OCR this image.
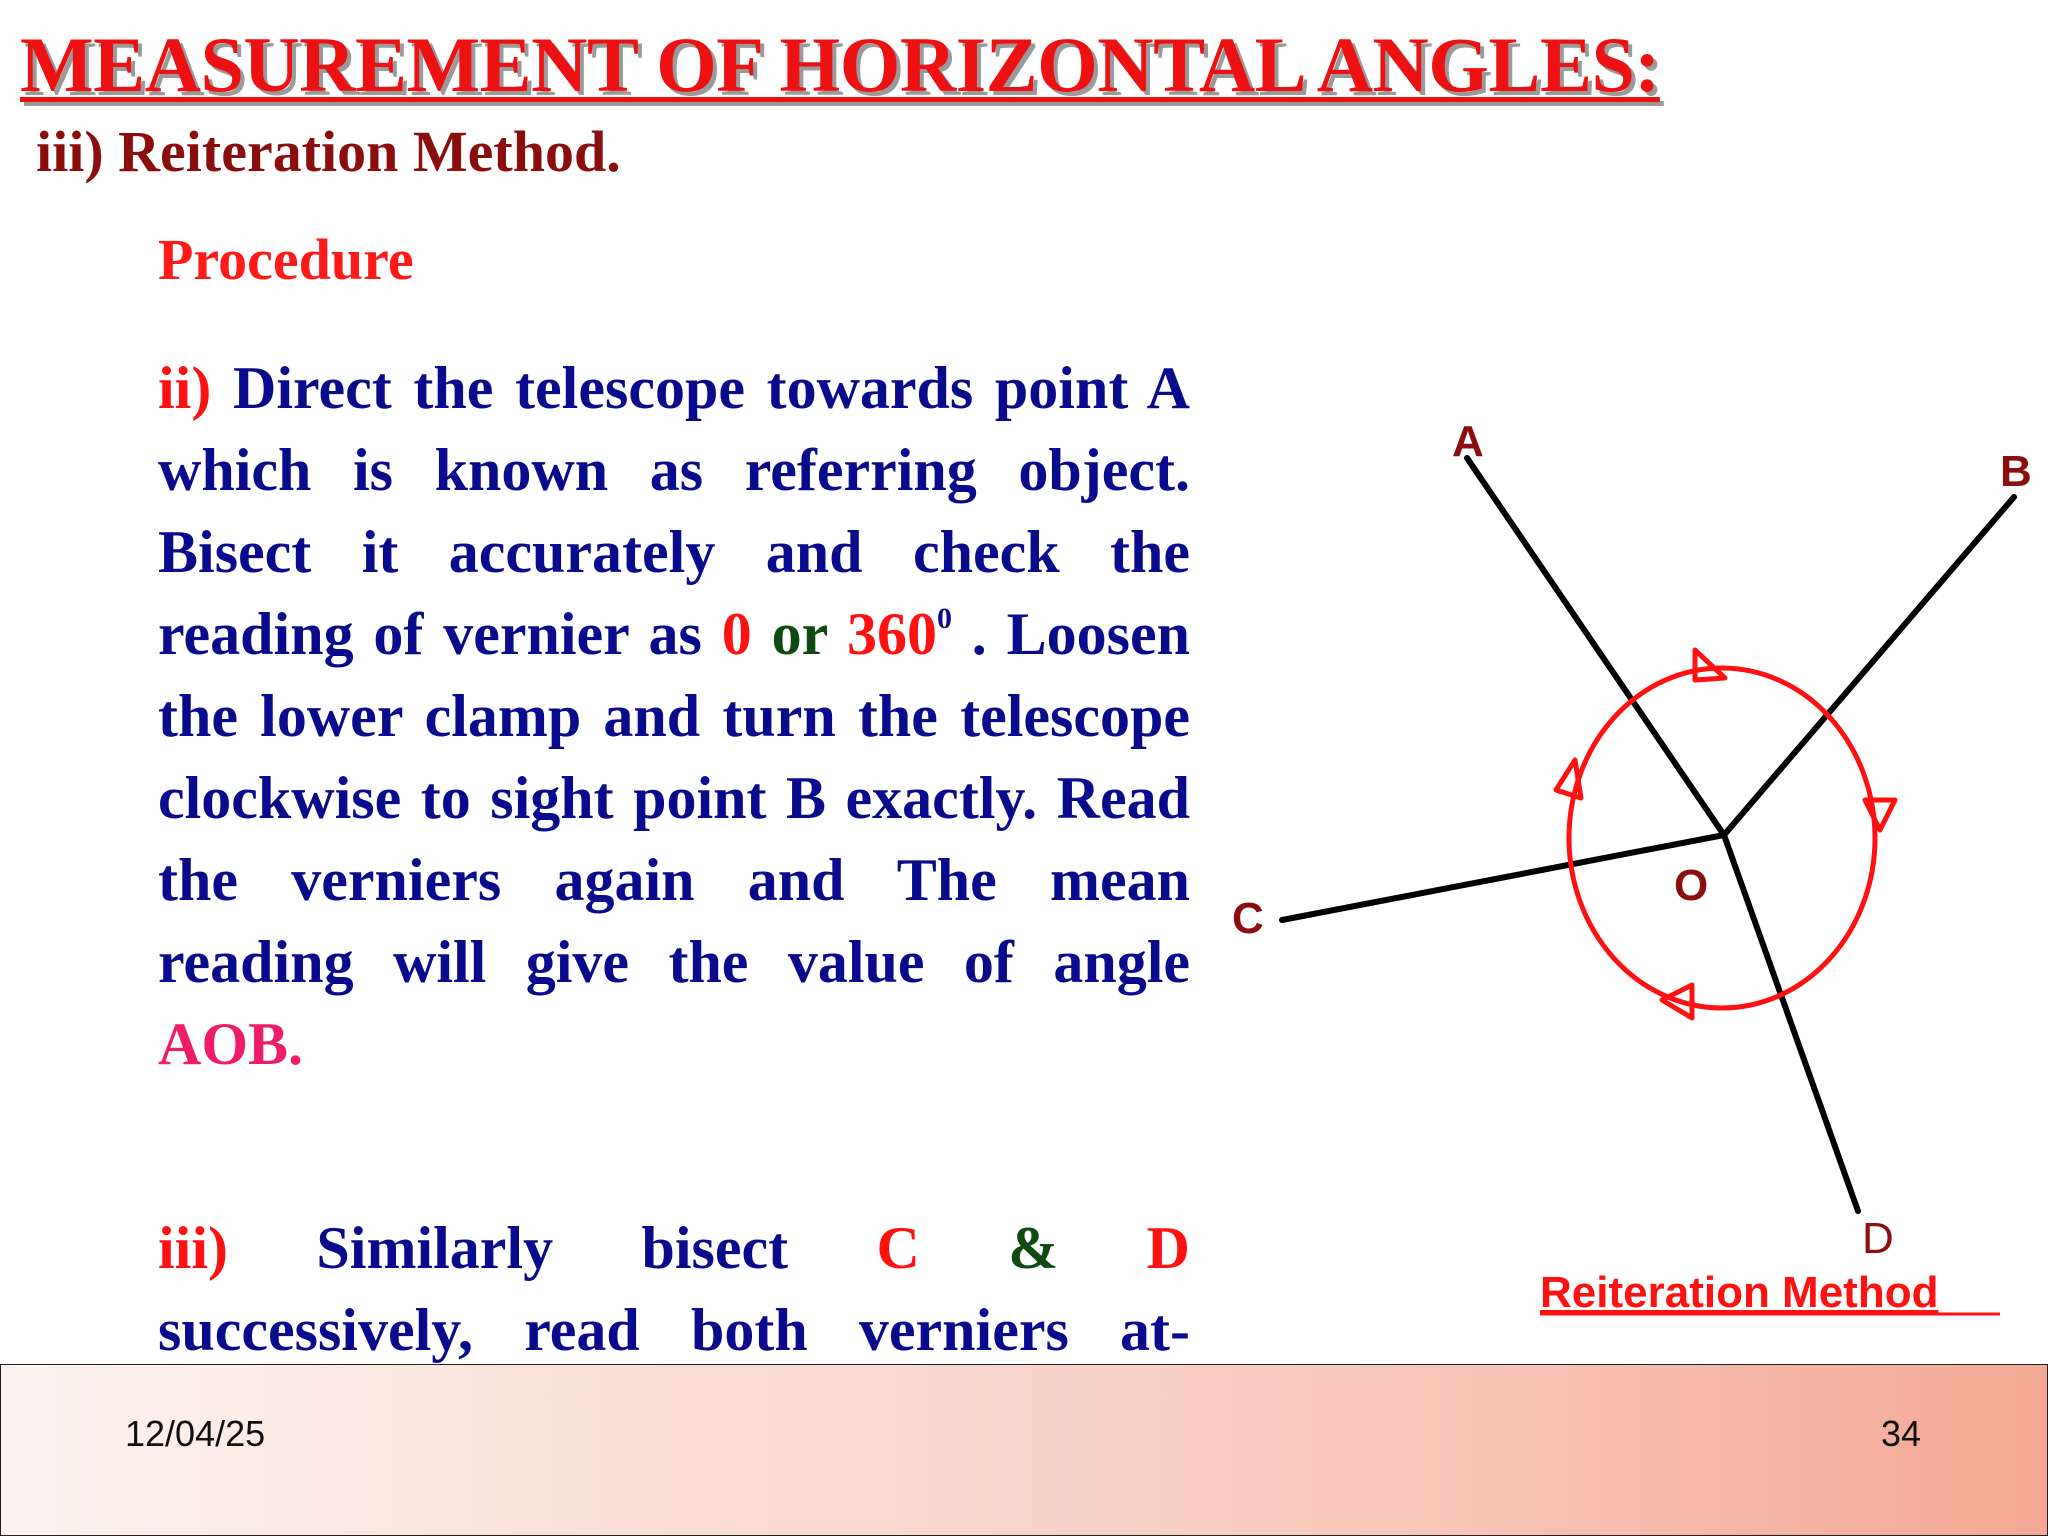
MEASUREMENT OF HORIZONTAL ANGLES:
iii) Reiteration Method.
Procedure

ii) Direct the telescope towards point A which is known as referring object. Bisect it accurately and check the reading of vernier as 0 or $360^0$ . Loosen the lower clamp and turn the telescope clockwise to sight point B exactly. Read the verniers again and The mean reading will give the value of angle AOB.

iii) Similarly bisect C & D
successively, read both verniers at-

A
B
C
O
D
Reiteration Method
12/04/25	34
